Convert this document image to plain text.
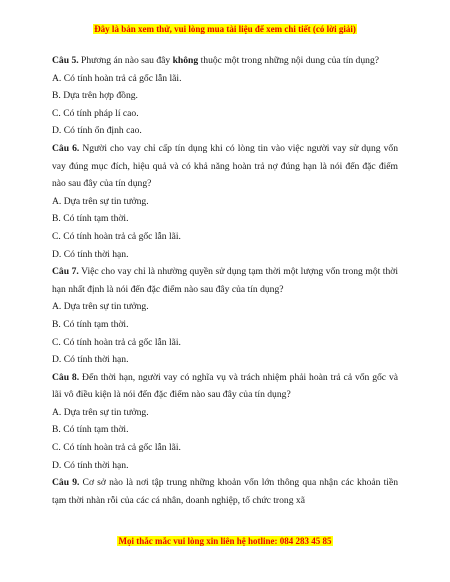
Đây là bản xem thử, vui lòng mua tài liệu để xem chi tiết (có lời giải)

Câu 5. Phương án nào sau đây không thuộc một trong những nội dung của tín dụng?

A. Có tính hoàn trả cả gốc lẫn lãi.

B. Dựa trên hợp đồng.

C. Có tính pháp lí cao.

D. Có tính ổn định cao.

Câu 6. Người cho vay chỉ cấp tín dụng khi có lòng tin vào việc người vay sử dụng vốn vay đúng mục đích, hiệu quả và có khả năng hoàn trả nợ đúng hạn là nói đến đặc điểm nào sau đây của tín dụng?

A. Dựa trên sự tin tưởng.

B. Có tính tạm thời.

C. Có tính hoàn trả cả gốc lẫn lãi.

D. Có tính thời hạn.

Câu 7. Việc cho vay chỉ là nhường quyền sử dụng tạm thời một lượng vốn trong một thời hạn nhất định là nói đến đặc điểm nào sau đây của tín dụng?

A. Dựa trên sự tin tưởng.

B. Có tính tạm thời.

C. Có tính hoàn trả cả gốc lẫn lãi.

D. Có tính thời hạn.

Câu 8. Đến thời hạn, người vay có nghĩa vụ và trách nhiệm phải hoàn trả cả vốn gốc và lãi vô điều kiện là nói đến đặc điểm nào sau đây của tín dụng?

A. Dựa trên sự tin tưởng.

B. Có tính tạm thời.

C. Có tính hoàn trả cả gốc lẫn lãi.

D. Có tính thời hạn.

Câu 9. Cơ sở nào là nơi tập trung những khoản vốn lớn thông qua nhận các khoản tiền tạm thời nhàn rỗi của các cá nhân, doanh nghiệp, tổ chức trong xã

Mọi thắc mắc vui lòng xin liên hệ hotline: 084 283 45 85
